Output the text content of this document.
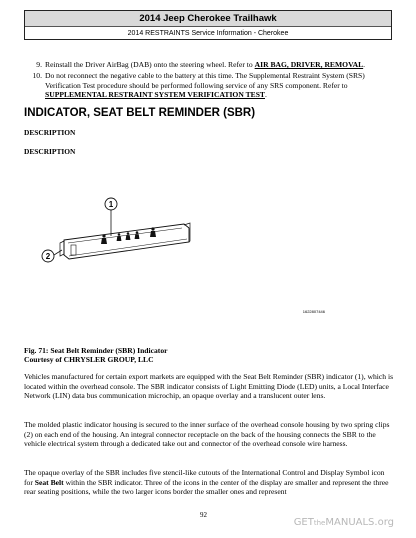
2014 Jeep Cherokee Trailhawk
2014 RESTRAINTS Service Information - Cherokee
9. Reinstall the Driver AirBag (DAB) onto the steering wheel. Refer to AIR BAG, DRIVER, REMOVAL.
10. Do not reconnect the negative cable to the battery at this time. The Supplemental Restraint System (SRS)
Verification Test procedure should be performed following service of any SRS component. Refer to
SUPPLEMENTAL RESTRAINT SYSTEM VERIFICATION TEST.
INDICATOR, SEAT BELT REMINDER (SBR)
DESCRIPTION
DESCRIPTION
1
2
1622807446
Fig. 71: Seat Belt Reminder (SBR) Indicator
Courtesy of CHRYSLER GROUP, LLC
Vehicles manufactured for certain export markets are equipped with the Seat Belt Reminder (SBR) indicator (1), which is located within the overhead console. The SBR indicator consists of Light Emitting Diode (LED) units, a Local Interface Network (LIN) data bus communication microchip, an opaque overlay and a translucent outer lens.
The molded plastic indicator housing is secured to the inner surface of the overhead console housing by two spring clips (2) on each end of the housing. An integral connector receptacle on the back of the housing connects the SBR to the vehicle electrical system through a dedicated take out and connector of the overhead console wire harness.
The opaque overlay of the SBR includes five stencil-like cutouts of the International Control and Display Symbol icon for Seat Belt within the SBR indicator. Three of the icons in the center of the display are smaller and represent the three rear seating positions, while the two larger icons border the smaller ones and represent
92
GETtheMANUALS.org
